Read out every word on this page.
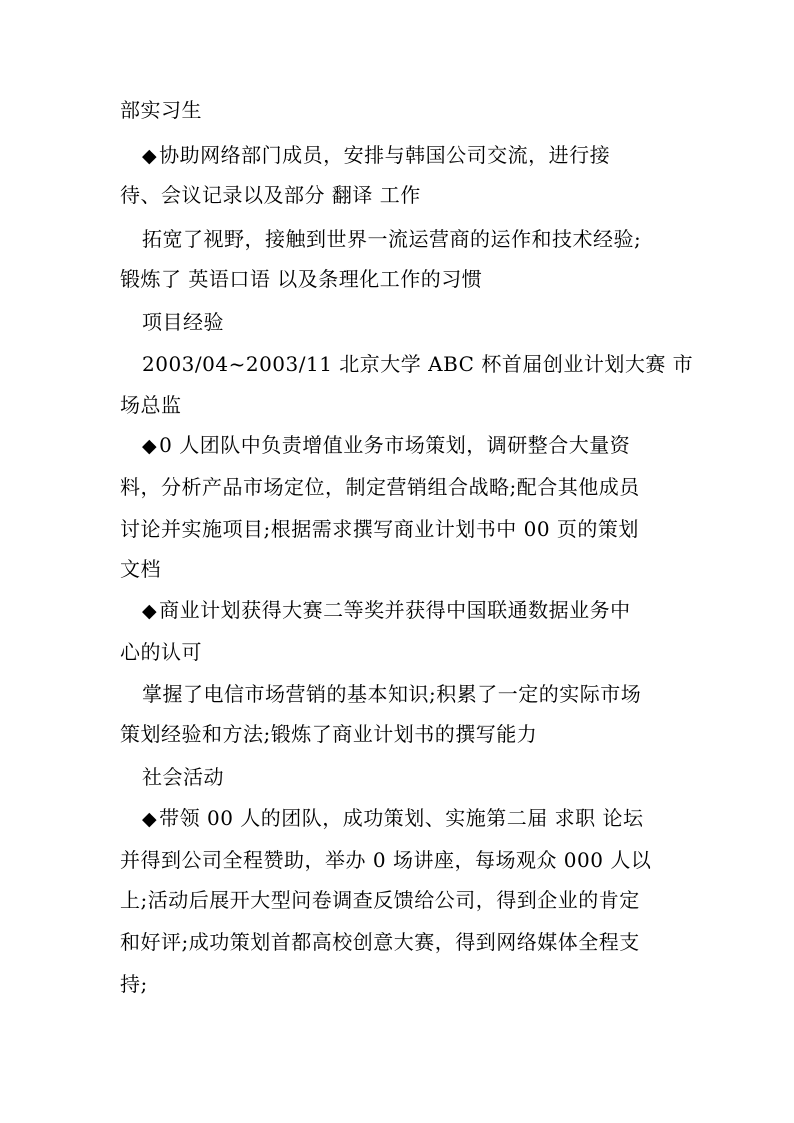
部实习生
◆ 协助网络部门成员，安排与韩国公司交流，进行接
待、会议记录以及部分 翻译 工作
拓宽了视野，接触到世界一流运营商的运作和技术经验;
锻炼了 英语口语 以及条理化工作的习惯
项目经验
2003/04~2003/11 北京大学 ABC 杯首届创业计划大赛 市
场总监
◆ 0 人团队中负责增值业务市场策划，调研整合大量资
料，分析产品市场定位，制定营销组合战略;配合其他成员
讨论并实施项目;根据需求撰写商业计划书中 00 页的策划
文档
◆ 商业计划获得大赛二等奖并获得中国联通数据业务中
心的认可
掌握了电信市场营销的基本知识;积累了一定的实际市场
策划经验和方法;锻炼了商业计划书的撰写能力
社会活动
◆ 带领 00 人的团队，成功策划、实施第二届 求职 论坛
并得到公司全程赞助，举办 0 场讲座，每场观众 000 人以
上;活动后展开大型问卷调查反馈给公司，得到企业的肯定
和好评;成功策划首都高校创意大赛，得到网络媒体全程支
持;
